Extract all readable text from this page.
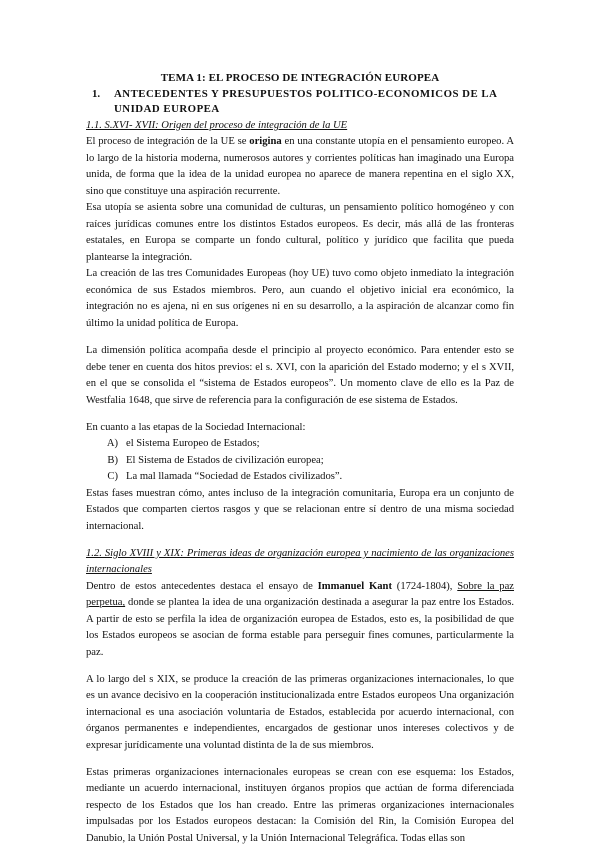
TEMA 1: EL PROCESO DE INTEGRACIÓN EUROPEA

1.	ANTECEDENTES Y PRESUPUESTOS POLITICO-ECONOMICOS DE LA UNIDAD EUROPEA

1.1. S.XVI- XVII: Origen del proceso de integración de la UE

El proceso de integración de la UE se origina en una constante utopía en el pensamiento europeo. A lo largo de la historia moderna, numerosos autores y corrientes políticas han imaginado una Europa unida, de forma que la idea de la unidad europea no aparece de manera repentina en el siglo XX, sino que constituye una aspiración recurrente.

Esa utopía se asienta sobre una comunidad de culturas, un pensamiento político homogéneo y con raíces jurídicas comunes entre los distintos Estados europeos. Es decir, más allá de las fronteras estatales, en Europa se comparte un fondo cultural, político y jurídico que facilita que pueda plantearse la integración.

La creación de las tres Comunidades Europeas (hoy UE) tuvo como objeto inmediato la integración económica de sus Estados miembros. Pero, aun cuando el objetivo inicial era económico, la integración no es ajena, ni en sus orígenes ni en su desarrollo, a la aspiración de alcanzar como fin último la unidad política de Europa.

La dimensión política acompaña desde el principio al proyecto económico. Para entender esto se debe tener en cuenta dos hitos previos: el s. XVI, con la aparición del Estado moderno; y el s XVII, en el que se consolida el “sistema de Estados europeos”. Un momento clave de ello es la Paz de Westfalia 1648, que sirve de referencia para la configuración de ese sistema de Estados.

En cuanto a las etapas de la Sociedad Internacional:

A) el Sistema Europeo de Estados;
B) El Sistema de Estados de civilización europea;
C) La mal llamada “Sociedad de Estados civilizados”.

Estas fases muestran cómo, antes incluso de la integración comunitaria, Europa era un conjunto de Estados que comparten ciertos rasgos y que se relacionan entre sí dentro de una misma sociedad internacional.

1.2. Siglo XVIII y XIX: Primeras ideas de organización europea y nacimiento de las organizaciones internacionales

Dentro de estos antecedentes destaca el ensayo de Immanuel Kant (1724-1804), Sobre la paz perpetua, donde se plantea la idea de una organización destinada a asegurar la paz entre los Estados. A partir de esto se perfila la idea de organización europea de Estados, esto es, la posibilidad de que los Estados europeos se asocian de forma estable para perseguir fines comunes, particularmente la paz.

A lo largo del s XIX, se produce la creación de las primeras organizaciones internacionales, lo que es un avance decisivo en la cooperación institucionalizada entre Estados europeos Una organización internacional es una asociación voluntaria de Estados, establecida por acuerdo internacional, con órganos permanentes e independientes, encargados de gestionar unos intereses colectivos y de expresar jurídicamente una voluntad distinta de la de sus miembros.

Estas primeras organizaciones internacionales europeas se crean con ese esquema: los Estados, mediante un acuerdo internacional, instituyen órganos propios que actúan de forma diferenciada respecto de los Estados que los han creado. Entre las primeras organizaciones internacionales impulsadas por los Estados europeos destacan: la Comisión del Rin, la Comisión Europea del Danubio, la Unión Postal Universal, y la Unión Internacional Telegráfica. Todas ellas son
